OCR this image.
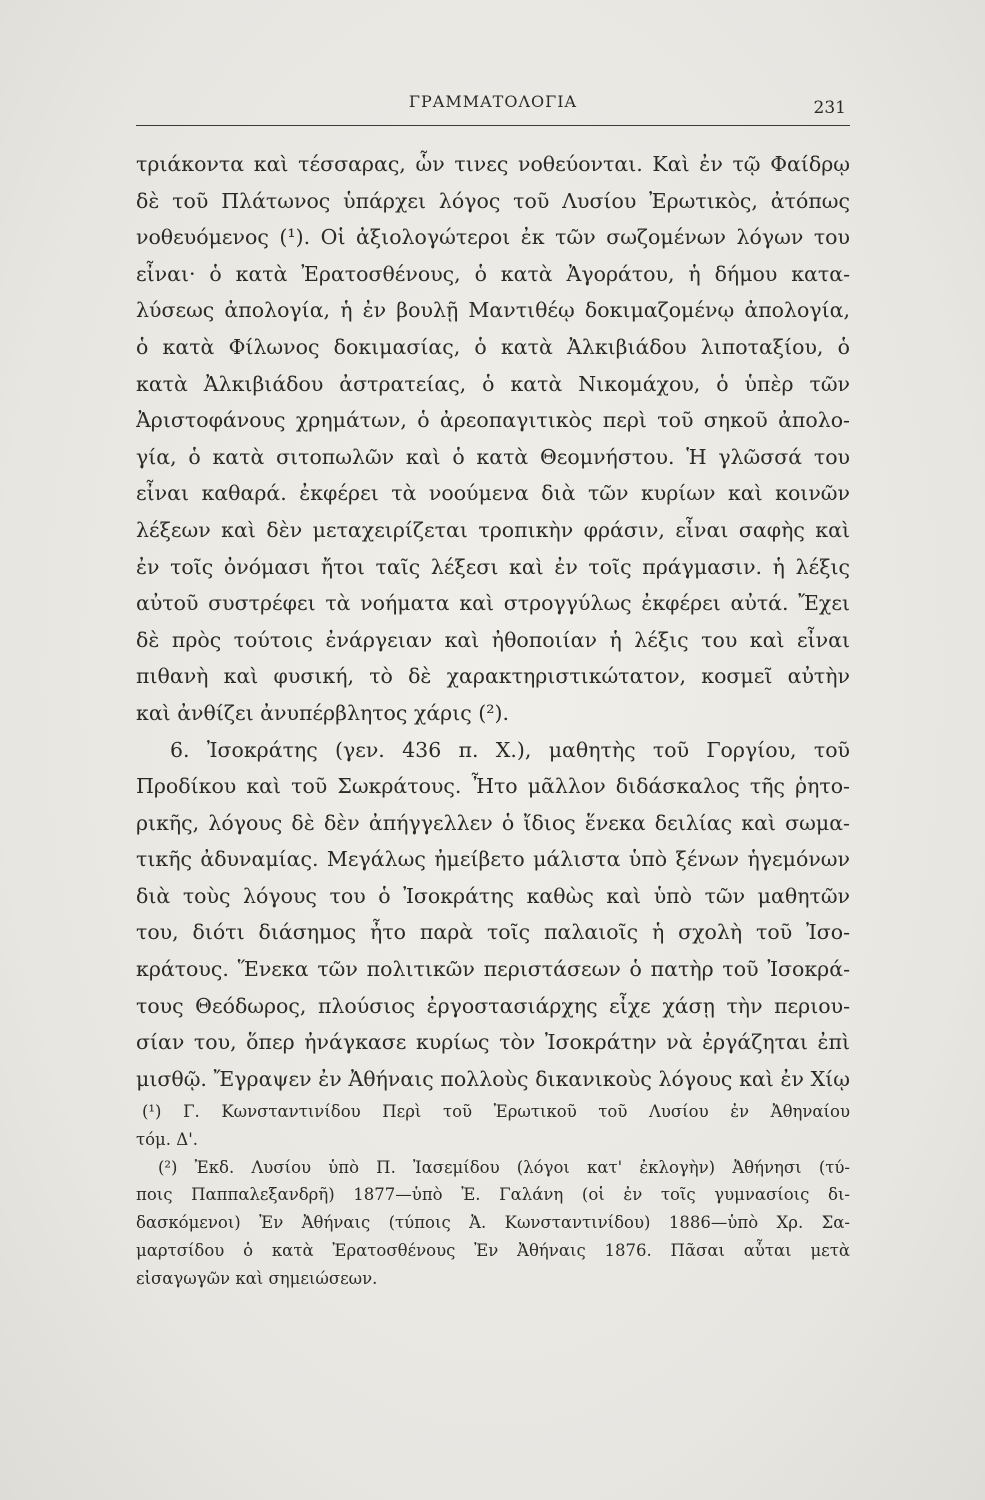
ΓΡΑΜΜΑΤΟΛΟΓΙΑ	231
τριάκοντα καὶ τέσσαρας, ὧν τινες νοθεύονται. Καὶ ἐν τῷ Φαίδρῳ
δὲ τοῦ Πλάτωνος ὑπάρχει λόγος τοῦ Λυσίου Ἐρωτικὸς, ἀτόπως
νοθευόμενος (¹). Οἱ ἀξιολογώτεροι ἐκ τῶν σωζομένων λόγων του
εἶναι· ὁ κατὰ Ἐρατοσθένους, ὁ κατὰ Ἀγοράτου, ἡ δήμου κατα-
λύσεως ἀπολογία, ἡ ἐν βουλῇ Μαντιθέῳ δοκιμαζομένῳ ἀπολογία,
ὁ κατὰ Φίλωνος δοκιμασίας, ὁ κατὰ Ἀλκιβιάδου λιποταξίου, ὁ
κατὰ Ἀλκιβιάδου ἀστρατείας, ὁ κατὰ Νικομάχου, ὁ ὑπὲρ τῶν
Ἀριστοφάνους χρημάτων, ὁ ἀρεοπαγιτικὸς περὶ τοῦ σηκοῦ ἀπολο-
γία, ὁ κατὰ σιτοπωλῶν καὶ ὁ κατὰ Θεομνήστου. Ἡ γλῶσσά του
εἶναι καθαρά. ἐκφέρει τὰ νοούμενα διὰ τῶν κυρίων καὶ κοινῶν
λέξεων καὶ δὲν μεταχειρίζεται τροπικὴν φράσιν, εἶναι σαφὴς καὶ
ἐν τοῖς ὀνόμασι ἤτοι ταῖς λέξεσι καὶ ἐν τοῖς πράγμασιν. ἡ λέξις
αὐτοῦ συστρέφει τὰ νοήματα καὶ στρογγύλως ἐκφέρει αὐτά. Ἔχει
δὲ πρὸς τούτοις ἐνάργειαν καὶ ἠθοποιίαν ἡ λέξις του καὶ εἶναι
πιθανὴ καὶ φυσική, τὸ δὲ χαρακτηριστικώτατον, κοσμεῖ αὐτὴν
καὶ ἀνθίζει ἀνυπέρβλητος χάρις (²).
6. Ἰσοκράτης (γεν. 436 π. Χ.), μαθητὴς τοῦ Γοργίου, τοῦ
Προδίκου καὶ τοῦ Σωκράτους. Ἦτο μᾶλλον διδάσκαλος τῆς ῥητο-
ρικῆς, λόγους δὲ δὲν ἀπήγγελλεν ὁ ἴδιος ἕνεκα δειλίας καὶ σωμα-
τικῆς ἀδυναμίας. Μεγάλως ἠμείβετο μάλιστα ὑπὸ ξένων ἡγεμόνων
διὰ τοὺς λόγους του ὁ Ἰσοκράτης καθὼς καὶ ὑπὸ τῶν μαθητῶν
του, διότι διάσημος ἦτο παρὰ τοῖς παλαιοῖς ἡ σχολὴ τοῦ Ἰσο-
κράτους. Ἕνεκα τῶν πολιτικῶν περιστάσεων ὁ πατὴρ τοῦ Ἰσοκρά-
τους Θεόδωρος, πλούσιος ἐργοστασιάρχης εἶχε χάσῃ τὴν περιου-
σίαν του, ὅπερ ἠνάγκασε κυρίως τὸν Ἰσοκράτην νὰ ἐργάζηται ἐπὶ
μισθῷ. Ἔγραψεν ἐν Ἀθήναις πολλοὺς δικανικοὺς λόγους καὶ ἐν Χίῳ
(¹) Γ. Κωνσταντινίδου Περὶ τοῦ Ἐρωτικοῦ τοῦ Λυσίου ἐν Ἀθηναίου
τόμ. Δ'.
(²) Ἐκδ. Λυσίου ὑπὸ Π. Ἰασεμίδου (λόγοι κατ' ἐκλογὴν) Ἀθήνησι (τύ-
ποις Παππαλεξανδρῆ) 1877—ὑπὸ Ἐ. Γαλάνη (οἱ ἐν τοῖς γυμνασίοις δι-
δασκόμενοι) Ἐν Ἀθήναις (τύποις Ἀ. Κωνσταντινίδου) 1886—ὑπὸ Χρ. Σα-
μαρτσίδου ὁ κατὰ Ἐρατοσθένους Ἐν Ἀθήναις 1876. Πᾶσαι αὗται μετὰ
εἰσαγωγῶν καὶ σημειώσεων.
